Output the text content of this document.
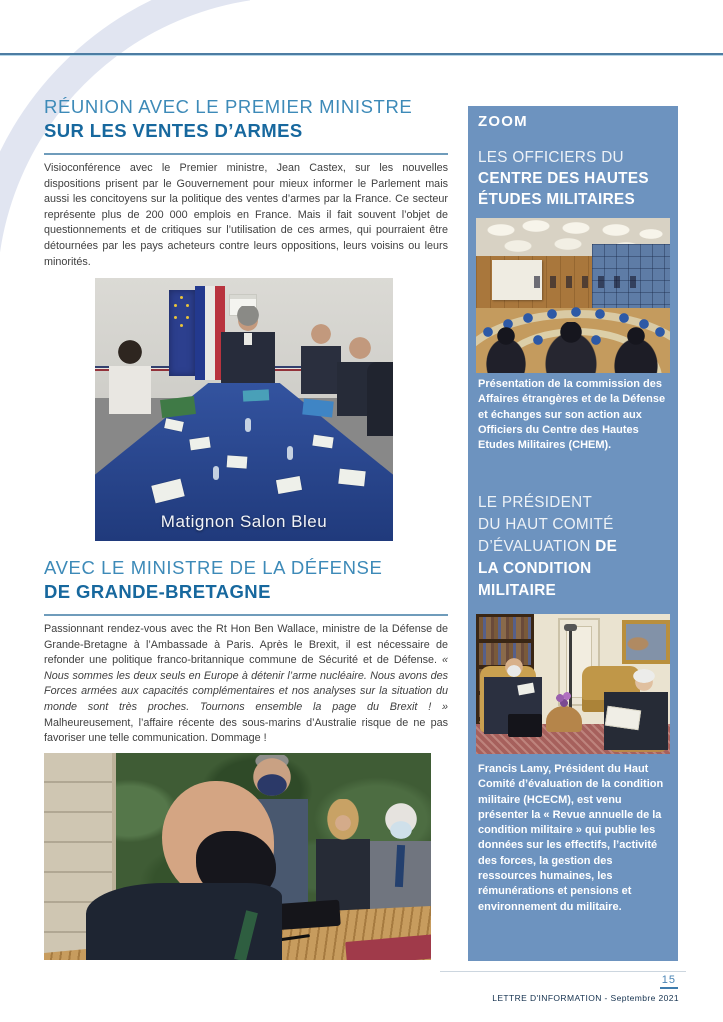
RÉUNION AVEC LE PREMIER MINISTRE
SUR LES VENTES D’ARMES
Visioconférence avec le Premier ministre, Jean Castex, sur les nouvelles dispositions prisent par le Gouvernement pour mieux informer le Parlement mais aussi les concitoyens sur la politique des ventes d’armes par la France. Ce secteur représente plus de 200 000 emplois en France. Mais il fait souvent l’objet de questionnements et de critiques sur l’utilisation de ces armes, qui pourraient être détournées par les pays acheteurs contre leurs oppositions, leurs voisins ou leurs minorités.
Matignon Salon Bleu
AVEC LE MINISTRE DE LA DÉFENSE
DE GRANDE-BRETAGNE
Passionnant rendez-vous avec the Rt Hon Ben Wallace, ministre de la Défense de Grande-Bretagne à l’Ambassade à Paris. Après le Brexit, il est nécessaire de refonder une politique franco-britannique commune de Sécurité et de Défense. « Nous sommes les deux seuls en Europe à détenir l’arme nucléaire. Nous avons des Forces armées aux capacités complémentaires et nos analyses sur la situation du monde sont très proches. Tournons ensemble la page du Brexit ! » Malheureusement, l’affaire récente des sous-marins d’Australie risque de ne pas favoriser une telle communication. Dommage !
ZOOM
LES OFFICIERS DU
CENTRE DES HAUTES
ÉTUDES MILITAIRES
Présentation de la commission des Affaires étrangères et de la Défense et échanges sur son action aux Officiers du Centre des Hautes Etudes Militaires (CHEM).
LE PRÉSIDENT
DU HAUT COMITÉ
D’ÉVALUATION DE
LA CONDITION
MILITAIRE
Francis Lamy, Président du Haut Comité d’évaluation de la condition militaire (HCECM), est venu présenter la « Revue annuelle de la condition militaire » qui publie les données sur les effectifs, l’activité des forces, la gestion des ressources humaines, les rémunérations et pensions et environnement du militaire.
15
LETTRE D'INFORMATION - Septembre 2021
